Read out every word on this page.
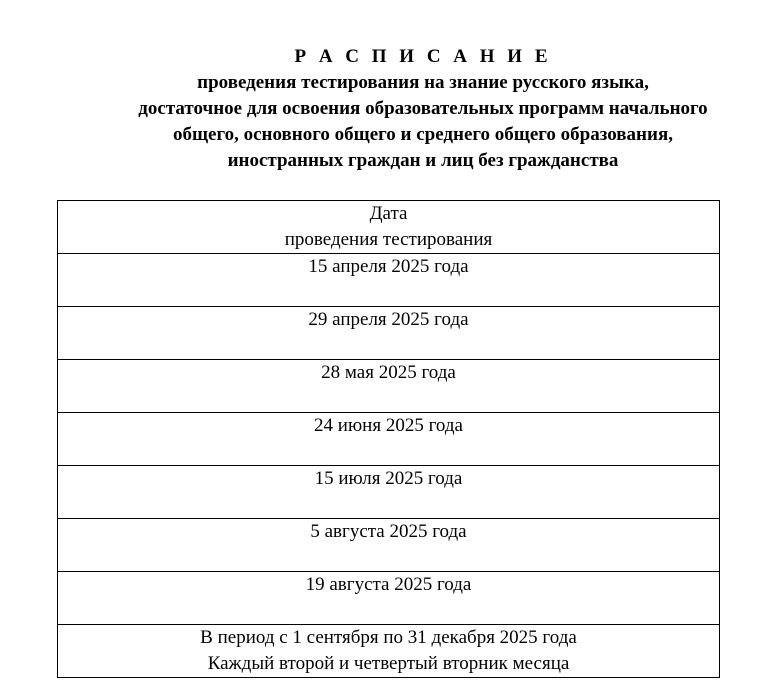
Р А С П И С А Н И Е
проведения тестирования на знание русского языка,
достаточное для освоения образовательных программ начального
общего, основного общего и среднего общего образования,
иностранных граждан и лиц без гражданства
Дата
проведения тестирования

15 апреля 2025 года
29 апреля 2025 года
28 мая 2025 года
24 июня 2025 года
15 июля 2025 года
5 августа 2025 года
19 августа 2025 года

В период с 1 сентября по 31 декабря 2025 года
Каждый второй и четвертый вторник месяца
